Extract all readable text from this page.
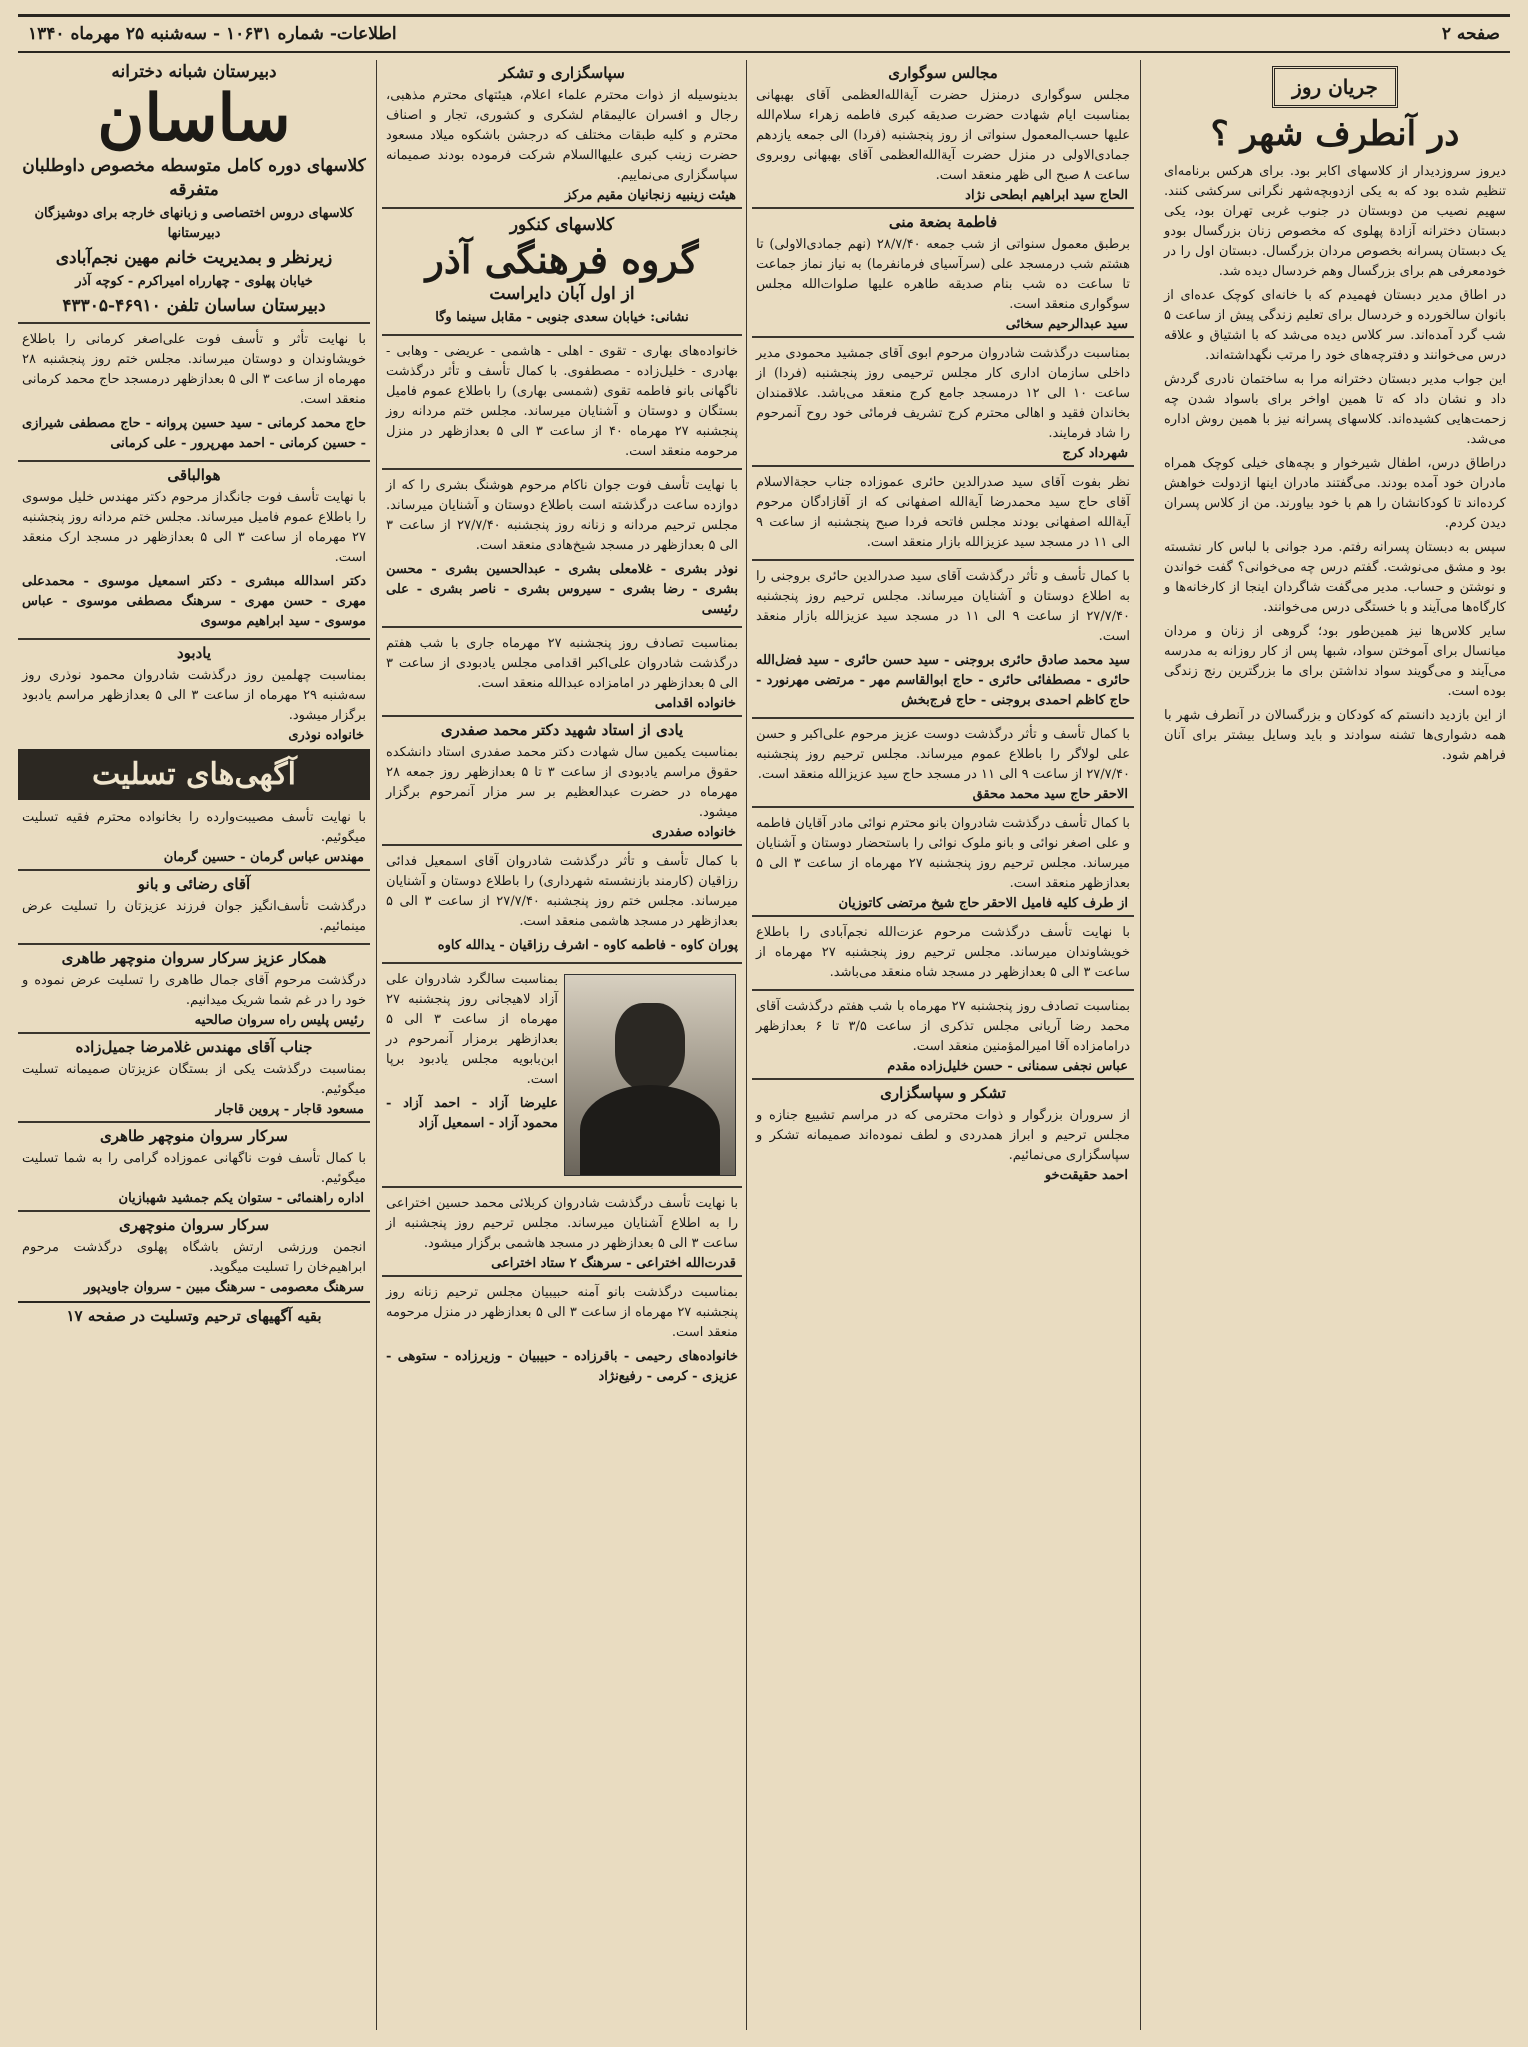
صفحه ۲
اطلاعات- شماره ۱۰۶۳۱ - سه‌شنبه ۲۵ مهرماه ۱۳۴۰
جریان روز
در آنطرف شهر ؟
دیروز سروزدیدار از کلاسهای اکابر بود. برای هرکس برنامه‌ای تنظیم شده بود که به یکی ازدوبچه‌شهر نگرانی سرکشی کنند. سهیم نصیب من دوبستان در جنوب غربی تهران بود، یکی دبستان دخترانه آزادة پهلوی که مخصوص زنان بزرگسال بودو یک دبستان پسرانه بخصوص مردان بزرگسال. دبستان اول را در خودمعرفی هم برای بزرگسال وهم خردسال دیده شد.
در اطاق مدیر دبستان فهمیدم که با خانه‌ای کوچک عده‌ای از بانوان سالخورده و خردسال برای تعلیم زندگی پیش از ساعت ۵ شب گرد آمده‌اند. سر کلاس دیده می‌شد که با اشتیاق و علاقه درس می‌خوانند و دفترچه‌های خود را مرتب نگهداشته‌اند.
این جواب مدیر دبستان دخترانه مرا به ساختمان نادری گردش داد و نشان داد که تا همین اواخر برای باسواد شدن چه زحمت‌هایی کشیده‌اند. کلاسهای پسرانه نیز با همین روش اداره می‌شد.
دراطاق درس، اطفال شیرخوار و بچه‌های خیلی کوچک همراه مادران خود آمده بودند. می‌گفتند مادران اینها ازدولت خواهش کرده‌اند تا کودکانشان را هم با خود بیاورند. من از کلاس پسران دیدن کردم.
سپس به دبستان پسرانه رفتم. مرد جوانی با لباس کار نشسته بود و مشق می‌نوشت. گفتم درس چه می‌خوانی؟ گفت خواندن و نوشتن و حساب. مدیر می‌گفت شاگردان اینجا از کارخانه‌ها و کارگاه‌ها می‌آیند و با خستگی درس می‌خوانند.
سایر کلاس‌ها نیز همین‌طور بود؛ گروهی از زنان و مردان میانسال برای آموختن سواد، شبها پس از کار روزانه به مدرسه می‌آیند و می‌گویند سواد نداشتن برای ما بزرگترین رنج زندگی بوده است.
از این بازدید دانستم که کودکان و بزرگسالان در آنطرف شهر با همه دشواری‌ها تشنه سوادند و باید وسایل بیشتر برای آنان فراهم شود.
مجالس سوگواری
مجلس سوگواری درمنزل حضرت آیة‌الله‌العظمی آقای بهبهانی بمناسبت ایام شهادت حضرت صدیقه کبری فاطمه زهراء سلام‌الله علیها حسب‌المعمول سنواتی از روز پنجشنبه (فردا) الی جمعه یازدهم جمادی‌الاولی در منزل حضرت آیة‌الله‌العظمی آقای بهبهانی روبروی ساعت ۸ صبح الی ظهر منعقد است.
الحاج سید ابراهیم ابطحی نژاد
فاطمة بضعة منی
برطبق معمول سنواتی از شب جمعه ۲۸/۷/۴۰ (نهم جمادی‌الاولی) تا هشتم شب درمسجد علی (سرآسیای فرمانفرما) به نیاز نماز جماعت تا ساعت ده شب بنام صدیقه طاهره علیها صلوات‌الله مجلس سوگواری منعقد است.
سید عبدالرحیم سخائی
بمناسبت درگذشت شادروان مرحوم ابوی آقای جمشید محمودی مدیر داخلی سازمان اداری کار مجلس ترحیمی روز پنجشنبه (فردا) از ساعت ۱۰ الی ۱۲ درمسجد جامع کرج منعقد می‌باشد. علاقمندان بخاندان فقید و اهالی محترم کرج تشریف فرمائی خود روح آنمرحوم را شاد فرمایند.
شهرداد کرج
نظر بفوت آقای سید صدرالدین حائری عموزاده جناب حجة‌الاسلام آقای حاج سید محمدرضا آیة‌الله اصفهانی که از آقازادگان مرحوم آیة‌الله اصفهانی بودند مجلس فاتحه فردا صبح پنجشنبه از ساعت ۹ الی ۱۱ در مسجد سید عزیزالله بازار منعقد است.
با کمال تأسف و تأثر درگذشت آقای سید صدرالدین حائری بروجنی را به اطلاع دوستان و آشنایان میرساند. مجلس ترحیم روز پنجشنبه ۲۷/۷/۴۰ از ساعت ۹ الی ۱۱ در مسجد سید عزیزالله بازار منعقد است.
سید محمد صادق حائری بروجنی - سید حسن حائری - سید فضل‌الله حائری - مصطفائی حائری - حاج ابوالقاسم مهر - مرتضی مهرنورد - حاج کاظم احمدی بروجنی - حاج فرج‌بخش
با کمال تأسف و تأثر درگذشت دوست عزیز مرحوم علی‌اکبر و حسن علی لولاگر را باطلاع عموم میرساند. مجلس ترحیم روز پنجشنبه ۲۷/۷/۴۰ از ساعت ۹ الی ۱۱ در مسجد حاج سید عزیزالله منعقد است.
الاحقر حاج سید محمد محقق
با کمال تأسف درگذشت شادروان بانو محترم نوائی مادر آقایان فاطمه و علی اصغر نوائی و بانو ملوک نوائی را باستحضار دوستان و آشنایان میرساند. مجلس ترحیم روز پنجشنبه ۲۷ مهرماه از ساعت ۳ الی ۵ بعدازظهر منعقد است.
از طرف کلیه فامیل الاحقر حاج شیخ مرتضی کاتوزیان
با نهایت تأسف درگذشت مرحوم عزت‌الله نجم‌آبادی را باطلاع خویشاوندان میرساند. مجلس ترحیم روز پنجشنبه ۲۷ مهرماه از ساعت ۳ الی ۵ بعدازظهر در مسجد شاه منعقد می‌باشد.
بمناسبت تصادف روز پنجشنبه ۲۷ مهرماه با شب هفتم درگذشت آقای محمد رضا آریانی مجلس تذکری از ساعت ۳/۵ تا ۶ بعدازظهر درامامزاده آقا امیرالمؤمنین منعقد است.
عباس نجفی سمنانی - حسن خلیل‌زاده مقدم
تشکر و سپاسگزاری
از سروران بزرگوار و ذوات محترمی که در مراسم تشییع جنازه و مجلس ترحیم و ابراز همدردی و لطف نموده‌اند صمیمانه تشکر و سپاسگزاری می‌نمائیم.
احمد حقیقت‌خو
سپاسگزاری و تشکر
بدینوسیله از ذوات محترم علماء اعلام، هیئتهای محترم مذهبی، رجال و افسران عالیمقام لشکری و کشوری، تجار و اصناف محترم و کلیه طبقات مختلف که درجشن باشکوه میلاد مسعود حضرت زینب کبری علیهاالسلام شرکت فرموده بودند صمیمانه سپاسگزاری می‌نماییم.
هیئت زینبیه زنجانیان مقیم مرکز
کلاسهای کنکور
گروه فرهنگی آذر
از اول آبان دایراست
نشانی: خیابان سعدی جنوبی - مقابل سینما وگا
خانواده‌های بهاری - تقوی - اهلی - هاشمی - عریضی - وهابی - بهادری - خلیل‌زاده - مصطفوی. با کمال تأسف و تأثر درگذشت ناگهانی بانو فاطمه تقوی (شمسی بهاری) را باطلاع عموم فامیل بستگان و دوستان و آشنایان میرساند. مجلس ختم مردانه روز پنجشنبه ۲۷ مهرماه ۴۰ از ساعت ۳ الی ۵ بعدازظهر در منزل مرحومه منعقد است.
با نهایت تأسف فوت جوان ناکام مرحوم هوشنگ بشری را که از دوازده ساعت درگذشته است باطلاع دوستان و آشنایان میرساند. مجلس ترحیم مردانه و زنانه روز پنجشنبه ۲۷/۷/۴۰ از ساعت ۳ الی ۵ بعدازظهر در مسجد شیخ‌هادی منعقد است.
نوذر بشری - غلامعلی بشری - عبدالحسین بشری - محسن بشری - رضا بشری - سیروس بشری - ناصر بشری - علی رئیسی
بمناسبت تصادف روز پنجشنبه ۲۷ مهرماه جاری با شب هفتم درگذشت شادروان علی‌اکبر اقدامی مجلس یادبودی از ساعت ۳ الی ۵ بعدازظهر در امامزاده عبدالله منعقد است.
خانواده اقدامی
یادی از استاد شهید دکتر محمد صفدری
بمناسبت یکمین سال شهادت دکتر محمد صفدری استاد دانشکده حقوق مراسم یادبودی از ساعت ۳ تا ۵ بعدازظهر روز جمعه ۲۸ مهرماه در حضرت عبدالعظیم بر سر مزار آنمرحوم برگزار میشود.
خانواده صفدری
با کمال تأسف و تأثر درگذشت شادروان آقای اسمعیل فدائی رزاقیان (کارمند بازنشسته شهرداری) را باطلاع دوستان و آشنایان میرساند. مجلس ختم روز پنجشنبه ۲۷/۷/۴۰ از ساعت ۳ الی ۵ بعدازظهر در مسجد هاشمی منعقد است.
پوران کاوه - فاطمه کاوه - اشرف رزاقیان - یدالله کاوه
بمناسبت سالگرد شادروان علی آزاد لاهیجانی روز پنجشنبه ۲۷ مهرماه از ساعت ۳ الی ۵ بعدازظهر برمزار آنمرحوم در ابن‌بابویه مجلس یادبود برپا است.
علیرضا آزاد - احمد آزاد - محمود آزاد - اسمعیل آزاد
با نهایت تأسف درگذشت شادروان کربلائی محمد حسین اختراعی را به اطلاع آشنایان میرساند. مجلس ترحیم روز پنجشنبه از ساعت ۳ الی ۵ بعدازظهر در مسجد هاشمی برگزار میشود.
قدرت‌الله اختراعی - سرهنگ ۲ ستاد اختراعی
بمناسبت درگذشت بانو آمنه حبیبیان مجلس ترحیم زنانه روز پنجشنبه ۲۷ مهرماه از ساعت ۳ الی ۵ بعدازظهر در منزل مرحومه منعقد است.
خانواده‌های رحیمی - باقرزاده - حبیبیان - وزیرزاده - ستوهی - عزیزی - کرمی - رفیع‌نژاد
دبیرستان شبانه دخترانه
ساسان
کلاسهای دوره کامل متوسطه مخصوص داوطلبان متفرقه
کلاسهای دروس اختصاصی و زبانهای خارجه برای دوشیزگان دبیرستانها
زیرنظر و بمدیریت خانم مهین نجم‌آبادی
خیابان پهلوی - چهارراه امیراکرم - کوچه آذر
دبیرستان ساسان تلفن ۴۶۹۱۰-۴۳۳۰۵
با نهایت تأثر و تأسف فوت علی‌اصغر کرمانی را باطلاع خویشاوندان و دوستان میرساند. مجلس ختم روز پنجشنبه ۲۸ مهرماه از ساعت ۳ الی ۵ بعدازظهر درمسجد حاج محمد کرمانی منعقد است.
حاج محمد کرمانی - سید حسین پروانه - حاج مصطفی شیرازی - حسین کرمانی - احمد مهرپرور - علی کرمانی
هوالباقی
با نهایت تأسف فوت جانگداز مرحوم دکتر مهندس خلیل موسوی را باطلاع عموم فامیل میرساند. مجلس ختم مردانه روز پنجشنبه ۲۷ مهرماه از ساعت ۳ الی ۵ بعدازظهر در مسجد ارک منعقد است.
دکتر اسدالله مبشری - دکتر اسمعیل موسوی - محمدعلی مهری - حسن مهری - سرهنگ مصطفی موسوی - عباس موسوی - سید ابراهیم موسوی
یادبود
بمناسبت چهلمین روز درگذشت شادروان محمود نوذری روز سه‌شنبه ۲۹ مهرماه از ساعت ۳ الی ۵ بعدازظهر مراسم یادبود برگزار میشود.
خانواده نوذری
آگهی‌های تسلیت
با نهایت تأسف مصیبت‌وارده را بخانواده محترم فقیه تسلیت میگوئیم.
مهندس عباس گرمان - حسین گرمان
آقای رضائی و بانو
درگذشت تأسف‌انگیز جوان فرزند عزیزتان را تسلیت عرض مینمائیم.
همکار عزیز سرکار سروان منوچهر طاهری
درگذشت مرحوم آقای جمال طاهری را تسلیت عرض نموده و خود را در غم شما شریک میدانیم.
رئیس پلیس راه سروان صالحیه
جناب آقای مهندس غلامرضا جمیل‌زاده
بمناسبت درگذشت یکی از بستگان عزیزتان صمیمانه تسلیت میگوئیم.
مسعود قاجار - پروین قاجار
سرکار سروان منوچهر طاهری
با کمال تأسف فوت ناگهانی عموزاده گرامی را به شما تسلیت میگوئیم.
اداره راهنمائی - ستوان یکم جمشید شهبازیان
سرکار سروان منوچهری
انجمن ورزشی ارتش باشگاه پهلوی درگذشت مرحوم ابراهیم‌خان را تسلیت میگوید.
سرهنگ معصومی - سرهنگ مبین - سروان جاویدپور
بقیه آگهیهای ترحیم وتسلیت در صفحه ۱۷
